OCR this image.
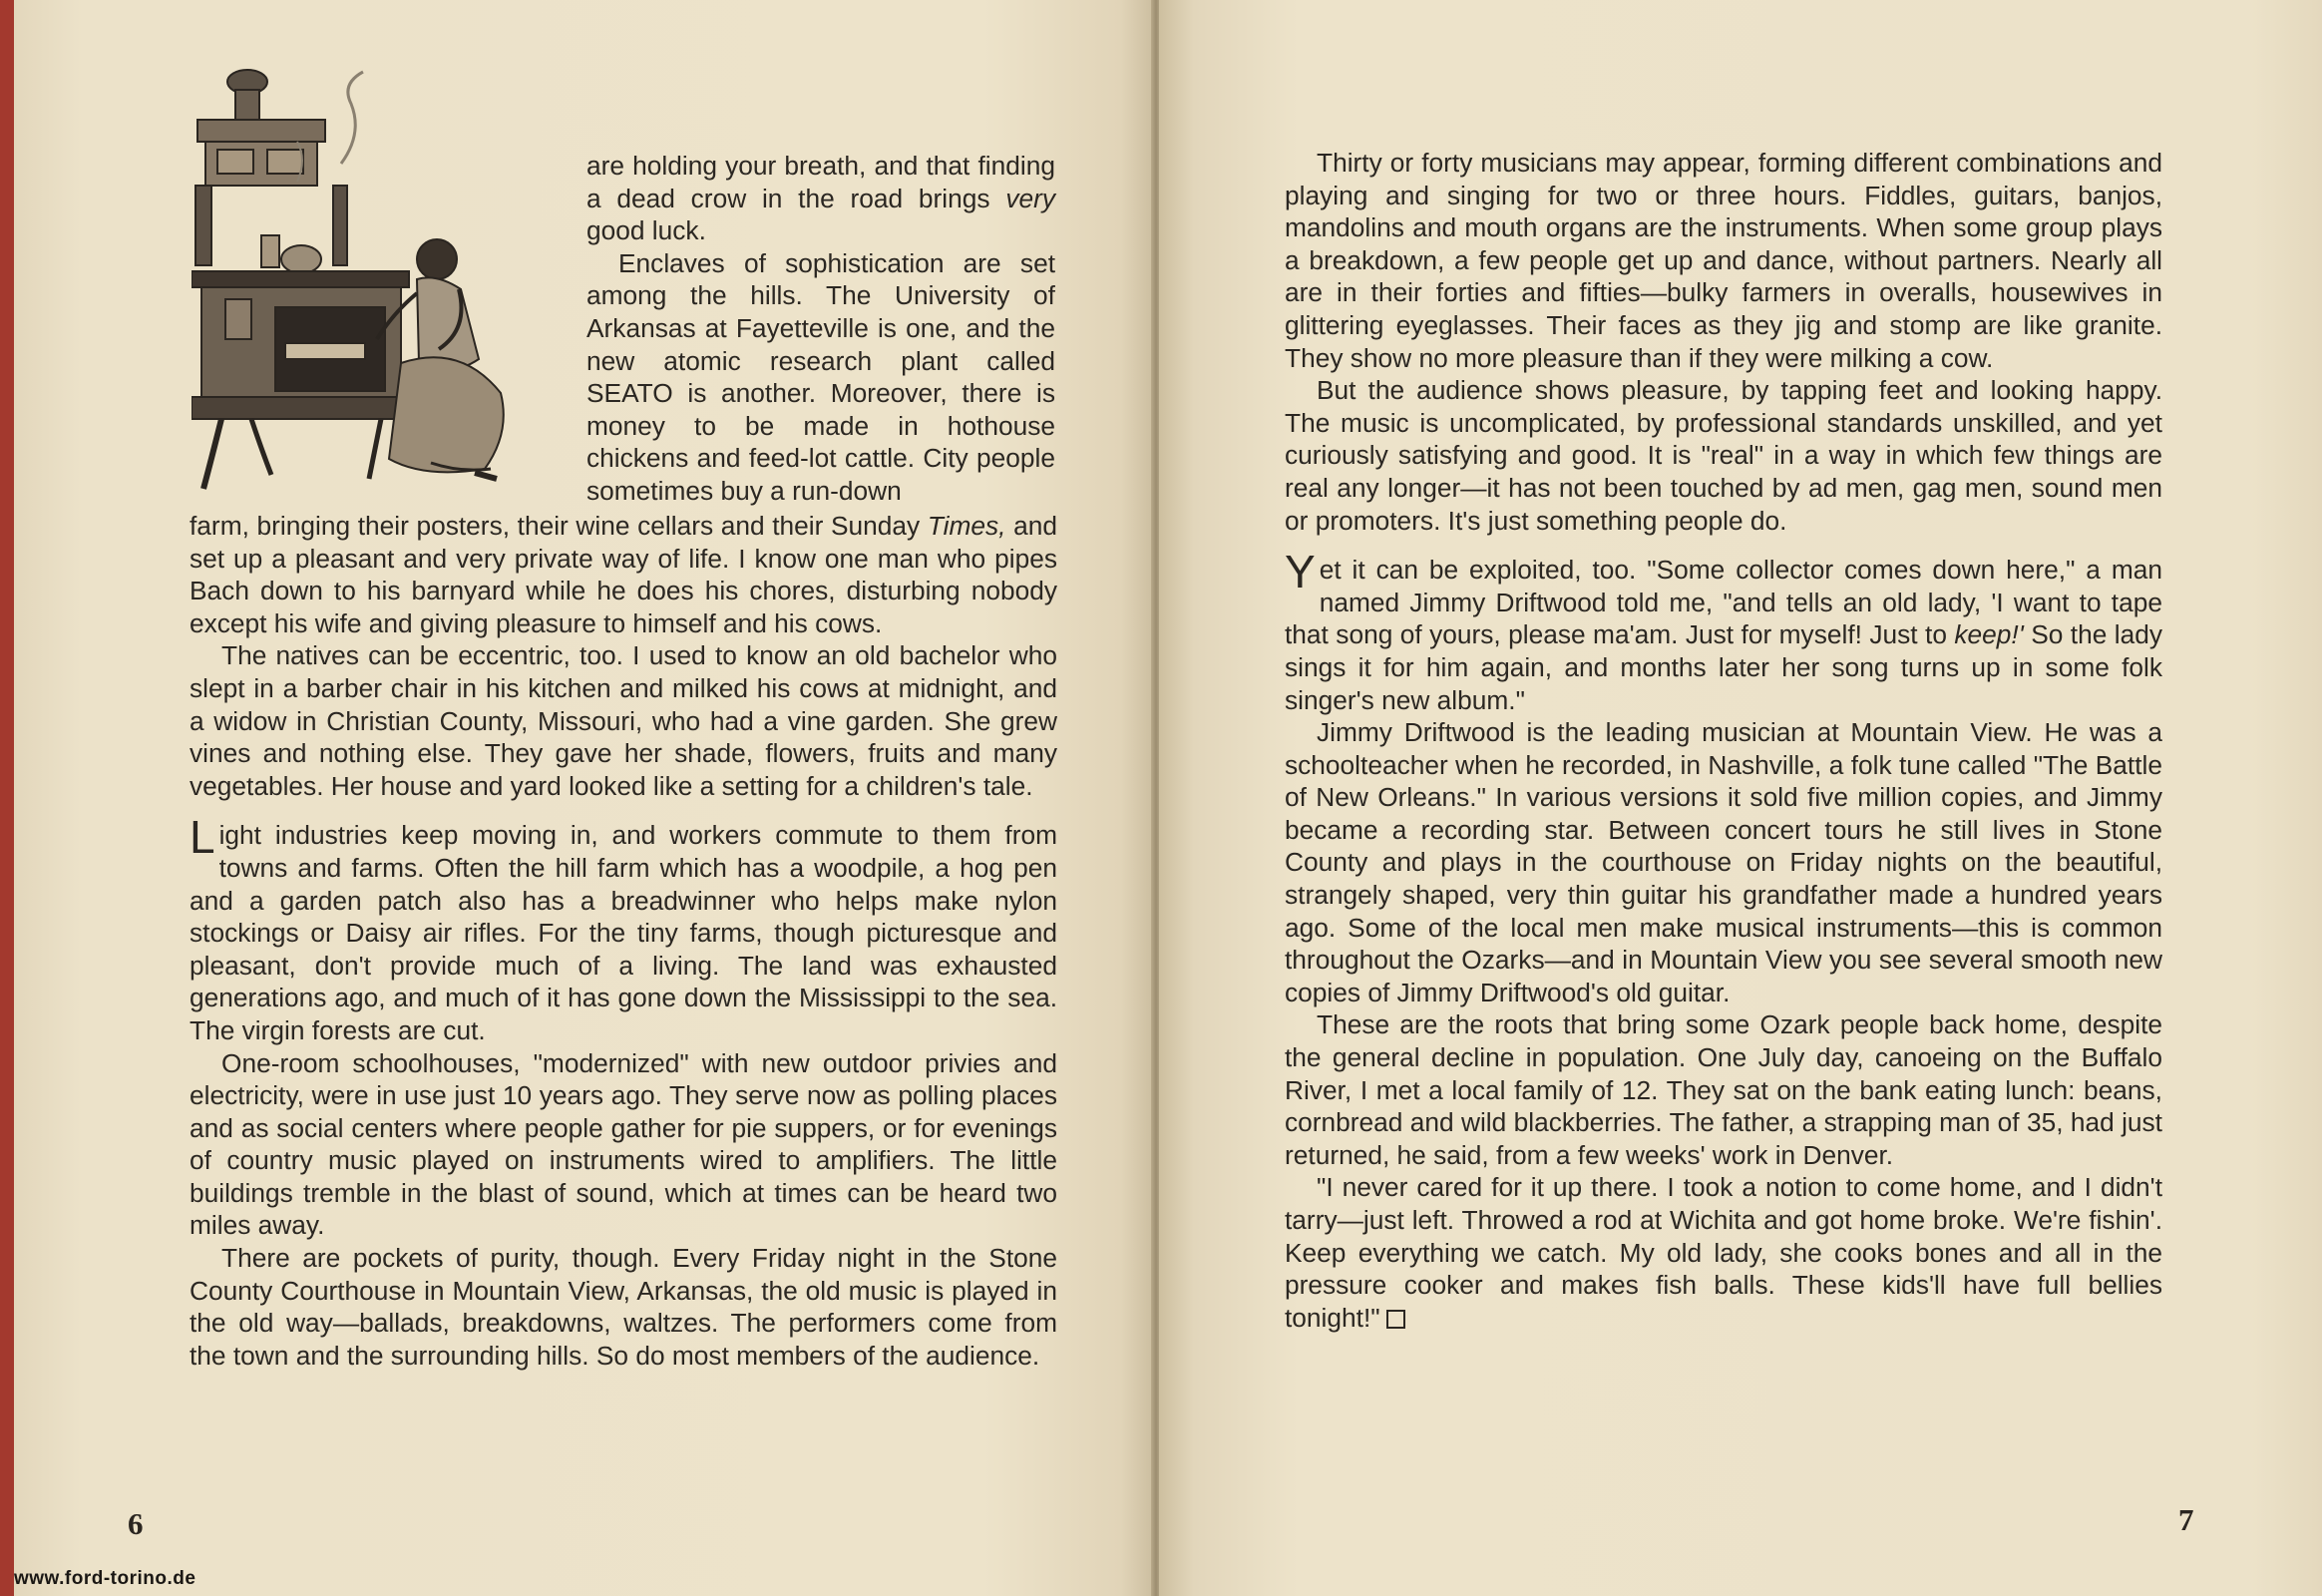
are holding your breath, and that finding a dead crow in the road brings very good luck.

Enclaves of sophistication are set among the hills. The University of Arkansas at Fayetteville is one, and the new atomic research plant called SEATO is another. Moreover, there is money to be made in hothouse chickens and feed-lot cattle. City people sometimes buy a run-down

farm, bringing their posters, their wine cellars and their Sunday Times, and set up a pleasant and very private way of life. I know one man who pipes Bach down to his barnyard while he does his chores, disturbing nobody except his wife and giving pleasure to himself and his cows.

The natives can be eccentric, too. I used to know an old bachelor who slept in a barber chair in his kitchen and milked his cows at midnight, and a widow in Christian County, Missouri, who had a vine garden. She grew vines and nothing else. They gave her shade, flowers, fruits and many vegetables. Her house and yard looked like a setting for a children's tale.

Light industries keep moving in, and workers commute to them from towns and farms. Often the hill farm which has a woodpile, a hog pen and a garden patch also has a breadwinner who helps make nylon stockings or Daisy air rifles. For the tiny farms, though picturesque and pleasant, don't provide much of a living. The land was exhausted generations ago, and much of it has gone down the Mississippi to the sea. The virgin forests are cut.

One-room schoolhouses, "modernized" with new outdoor privies and electricity, were in use just 10 years ago. They serve now as polling places and as social centers where people gather for pie suppers, or for evenings of country music played on instruments wired to amplifiers. The little buildings tremble in the blast of sound, which at times can be heard two miles away.

There are pockets of purity, though. Every Friday night in the Stone County Courthouse in Mountain View, Arkansas, the old music is played in the old way—ballads, breakdowns, waltzes. The performers come from the town and the surrounding hills. So do most members of the audience.

6
www.ford-torino.de

Thirty or forty musicians may appear, forming different combinations and playing and singing for two or three hours. Fiddles, guitars, banjos, mandolins and mouth organs are the instruments. When some group plays a breakdown, a few people get up and dance, without partners. Nearly all are in their forties and fifties—bulky farmers in overalls, housewives in glittering eyeglasses. Their faces as they jig and stomp are like granite. They show no more pleasure than if they were milking a cow.

But the audience shows pleasure, by tapping feet and looking happy. The music is uncomplicated, by professional standards unskilled, and yet curiously satisfying and good. It is "real" in a way in which few things are real any longer—it has not been touched by ad men, gag men, sound men or promoters. It's just something people do.

Yet it can be exploited, too. "Some collector comes down here," a man named Jimmy Driftwood told me, "and tells an old lady, 'I want to tape that song of yours, please ma'am. Just for myself! Just to keep!' So the lady sings it for him again, and months later her song turns up in some folk singer's new album."

Jimmy Driftwood is the leading musician at Mountain View. He was a schoolteacher when he recorded, in Nashville, a folk tune called "The Battle of New Orleans." In various versions it sold five million copies, and Jimmy became a recording star. Between concert tours he still lives in Stone County and plays in the courthouse on Friday nights on the beautiful, strangely shaped, very thin guitar his grandfather made a hundred years ago. Some of the local men make musical instruments—this is common throughout the Ozarks—and in Mountain View you see several smooth new copies of Jimmy Driftwood's old guitar.

These are the roots that bring some Ozark people back home, despite the general decline in population. One July day, canoeing on the Buffalo River, I met a local family of 12. They sat on the bank eating lunch: beans, cornbread and wild blackberries. The father, a strapping man of 35, had just returned, he said, from a few weeks' work in Denver.

"I never cared for it up there. I took a notion to come home, and I didn't tarry—just left. Throwed a rod at Wichita and got home broke. We're fishin'. Keep everything we catch. My old lady, she cooks bones and all in the pressure cooker and makes fish balls. These kids'll have full bellies tonight!"

7
